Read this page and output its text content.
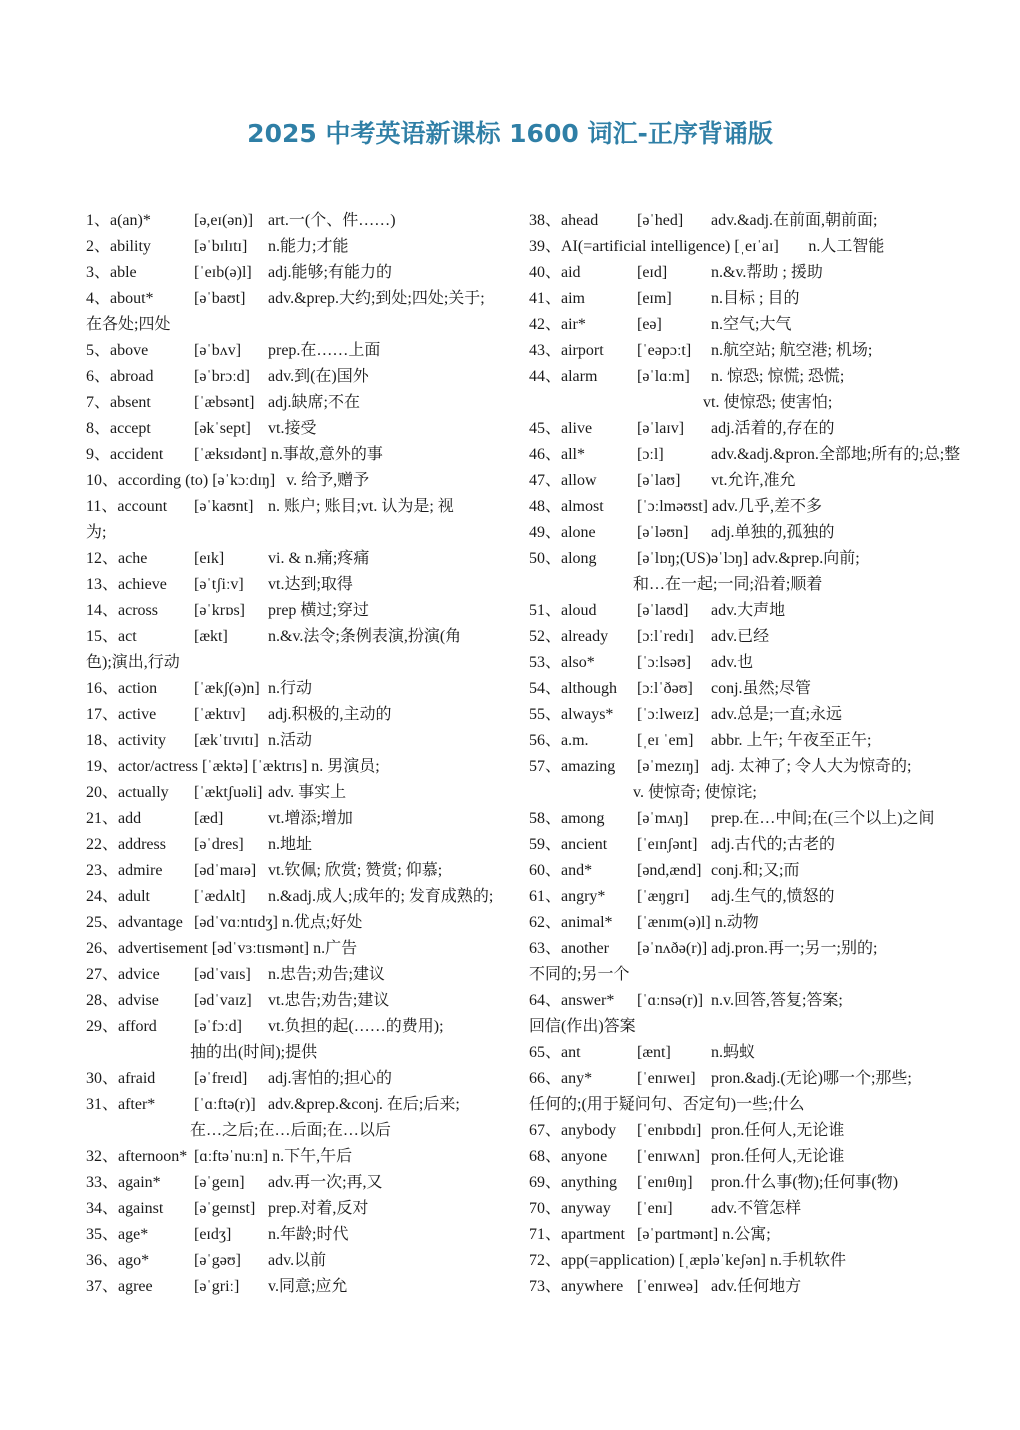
2025 中考英语新课标 1600 词汇-正序背诵版
1、a(an)*	[ə,eɪ(ən)] art.一(个、件……)
2、ability	[əˈbɪlɪtɪ] n.能力;才能
3、able	[ˈeɪb(ə)l] adj.能够;有能力的
4、about*	[əˈbaʊt] adv.&prep.大约;到处;四处;关于;
在各处;四处
5、above	[əˈbʌv] prep.在……上面
6、abroad	[əˈbrɔːd] adv.到(在)国外
7、absent	[ˈæbsənt] adj.缺席;不在
8、accept	[əkˈsept] vt.接受
9、accident [ˈæksɪdənt] n.事故,意外的事
10、according (to) [əˈkɔːdɪŋ] v. 给予,赠予
11、account [əˈkaʊnt] n. 账户; 账目;vt. 认为是; 视
为;
12、ache	[eɪk]	vi. & n.痛;疼痛
13、achieve [əˈtʃiːv] vt.达到;取得
14、across [əˈkrɒs] prep 横过;穿过
15、act	[ækt]	n.&v.法令;条例表演,扮演(角
色);演出,行动
16、action [ˈækʃ(ə)n] n.行动
17、active [ˈæktɪv] adj.积极的,主动的
18、activity [ækˈtɪvɪtɪ] n.活动
19、actor/actress [ˈæktə] [ˈæktrɪs] n. 男演员;
20、actually [ˈæktʃuəli] adv. 事实上
21、add	[æd]	vt.增添;增加
22、address [əˈdres] n.地址
23、admire [ədˈmaɪə] vt.钦佩; 欣赏; 赞赏; 仰慕;
24、adult	[ˈædʌlt] n.&adj.成人;成年的; 发育成熟的;
25、advantage [ədˈvɑːntɪdʒ] n.优点;好处
26、advertisement [ədˈvɜːtɪsmənt] n.广告
27、advice [ədˈvaɪs] n.忠告;劝告;建议
28、advise [ədˈvaɪz] vt.忠告;劝告;建议
29、afford [əˈfɔːd] vt.负担的起(……的费用);
抽的出(时间);提供
30、afraid [əˈfreɪd] adj.害怕的;担心的
31、after* [ˈɑːftə(r)] adv.&prep.&conj. 在后;后来;
在…之后;在…后面;在…以后
32、afternoon* [ɑːftəˈnuːn] n.下午,午后
33、again* [əˈgeɪn] adv.再一次;再,又
34、against [əˈgeɪnst] prep.对着,反对
35、age*	[eɪdʒ] n.年龄;时代
36、ago*	[əˈgəʊ] adv.以前
37、agree	[əˈgriː] v.同意;应允
38、ahead [əˈhed] adv.&adj.在前面,朝前面;
39、AI(=artificial intelligence) [ˌeɪˈaɪ] n.人工智能
40、aid	[eɪd]	n.&v.帮助 ; 援助
41、aim	[eɪm] n.目标 ; 目的
42、air*	[eə]	n.空气;大气
43、airport [ˈeəpɔːt] n.航空站; 航空港; 机场;
44、alarm [əˈlɑːm] n. 惊恐; 惊慌; 恐慌;
vt. 使惊恐; 使害怕;
45、alive	[əˈlaɪv] adj.活着的,存在的
46、all*	[ɔːl]	adv.&adj.&pron.全部地;所有的;总;整
47、allow	[əˈlaʊ] vt.允许,准允
48、almost [ˈɔːlməʊst] adv.几乎,差不多
49、alone	[əˈləʊn] adj.单独的,孤独的
50、along	[əˈlɒŋ;(US)əˈlɔŋ] adv.&prep.向前;
和…在一起;一同;沿着;顺着
51、aloud	[əˈlaʊd] adv.大声地
52、already [ɔːlˈredɪ] adv.已经
53、also*	[ˈɔːlsəʊ] adv.也
54、although [ɔːlˈðəʊ] conj.虽然;尽管
55、always* [ˈɔːlweɪz] adv.总是;一直;永远
56、a.m.	[ˌeɪ ˈem] abbr. 上午; 午夜至正午;
57、amazing [əˈmezɪŋ] adj. 太神了; 令人大为惊奇的;
v. 使惊奇; 使惊诧;
58、among [əˈmʌŋ] prep.在…中间;在(三个以上)之间
59、ancient [ˈeɪnʃənt] adj.古代的;古老的
60、and*	[ənd,ænd] conj.和;又;而
61、angry* [ˈæŋgrɪ] adj.生气的,愤怒的
62、animal* [ˈænɪm(ə)l] n.动物
63、another [əˈnʌðə(r)] adj.pron.再一;另一;别的;
不同的;另一个
64、answer* [ˈɑːnsə(r)] n.v.回答,答复;答案;
回信(作出)答案
65、ant	[ænt]	n.蚂蚁
66、any*	[ˈenɪweɪ] pron.&adj.(无论)哪一个;那些;
任何的;(用于疑问句、否定句)一些;什么
67、anybody [ˈenɪbɒdɪ] pron.任何人,无论谁
68、anyone [ˈenɪwʌn] pron.任何人,无论谁
69、anything [ˈenɪθɪŋ] pron.什么事(物);任何事(物)
70、anyway [ˈenɪ] adv.不管怎样
71、apartment [əˈpɑrtmənt] n.公寓;
72、app(=application) [ˌæpləˈkeʃən] n.手机软件
73、anywhere [ˈenɪweə] adv.任何地方
